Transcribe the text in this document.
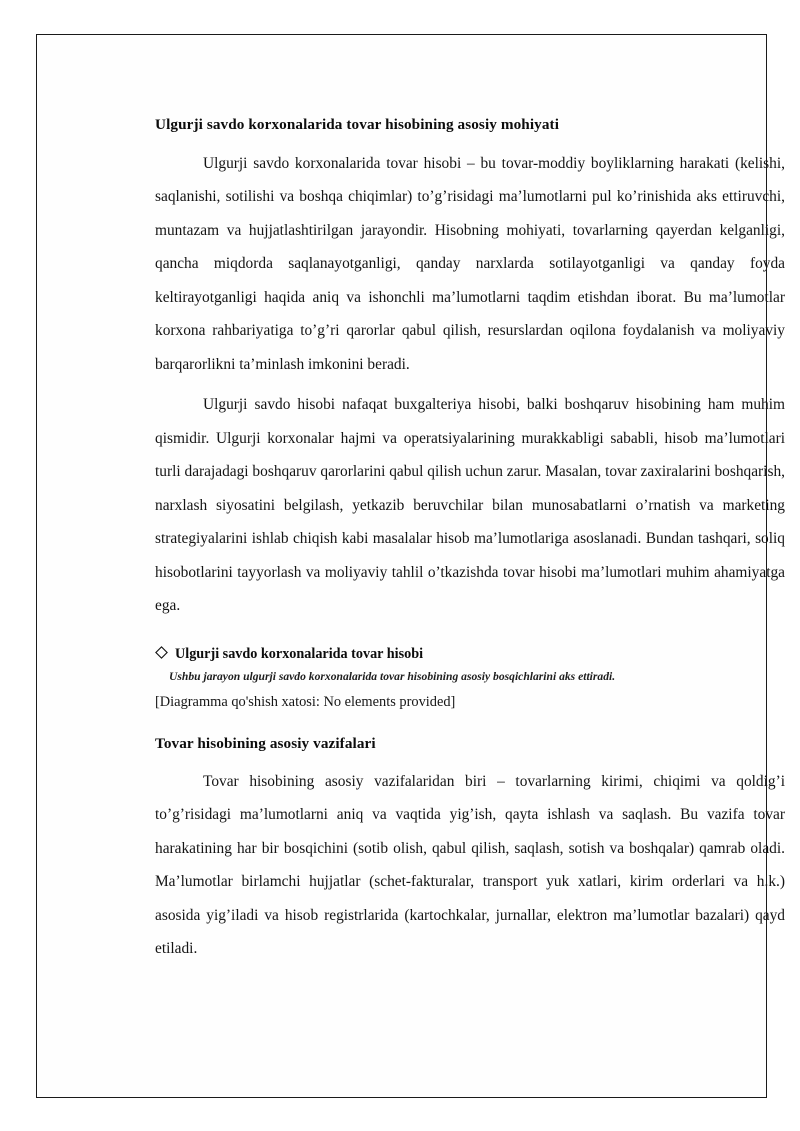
Ulgurji savdo korxonalarida tovar hisobining asosiy mohiyati

Ulgurji savdo korxonalarida tovar hisobi – bu tovar-moddiy boyliklarning harakati (kelishi, saqlanishi, sotilishi va boshqa chiqimlar) to’g’risidagi ma’lumotlarni pul ko’rinishida aks ettiruvchi, muntazam va hujjatlashtirilgan jarayondir. Hisobning mohiyati, tovarlarning qayerdan kelganligi, qancha miqdorda saqlanayotganligi, qanday narxlarda sotilayotganligi va qanday foyda keltirayotganligi haqida aniq va ishonchli ma’lumotlarni taqdim etishdan iborat. Bu ma’lumotlar korxona rahbariyatiga to’g’ri qarorlar qabul qilish, resurslardan oqilona foydalanish va moliyaviy barqarorlikni ta’minlash imkonini beradi.

Ulgurji savdo hisobi nafaqat buxgalteriya hisobi, balki boshqaruv hisobining ham muhim qismidir. Ulgurji korxonalar hajmi va operatsiyalarining murakkabligi sababli, hisob ma’lumotlari turli darajadagi boshqaruv qarorlarini qabul qilish uchun zarur. Masalan, tovar zaxiralarini boshqarish, narxlash siyosatini belgilash, yetkazib beruvchilar bilan munosabatlarni o’rnatish va marketing strategiyalarini ishlab chiqish kabi masalalar hisob ma’lumotlariga asoslanadi. Bundan tashqari, soliq hisobotlarini tayyorlash va moliyaviy tahlil o’tkazishda tovar hisobi ma’lumotlari muhim ahamiyatga ega.

Ulgurji savdo korxonalarida tovar hisobi
Ushbu jarayon ulgurji savdo korxonalarida tovar hisobining asosiy bosqichlarini aks ettiradi.
[Diagramma qo'shish xatosi: No elements provided]
Tovar hisobining asosiy vazifalari

Tovar hisobining asosiy vazifalaridan biri – tovarlarning kirimi, chiqimi va qoldig’i to’g’risidagi ma’lumotlarni aniq va vaqtida yig’ish, qayta ishlash va saqlash. Bu vazifa tovar harakatining har bir bosqichini (sotib olish, qabul qilish, saqlash, sotish va boshqalar) qamrab oladi. Ma’lumotlar birlamchi hujjatlar (schet-fakturalar, transport yuk xatlari, kirim orderlari va h.k.) asosida yig’iladi va hisob registrlarida (kartochkalar, jurnallar, elektron ma’lumotlar bazalari) qayd etiladi.
